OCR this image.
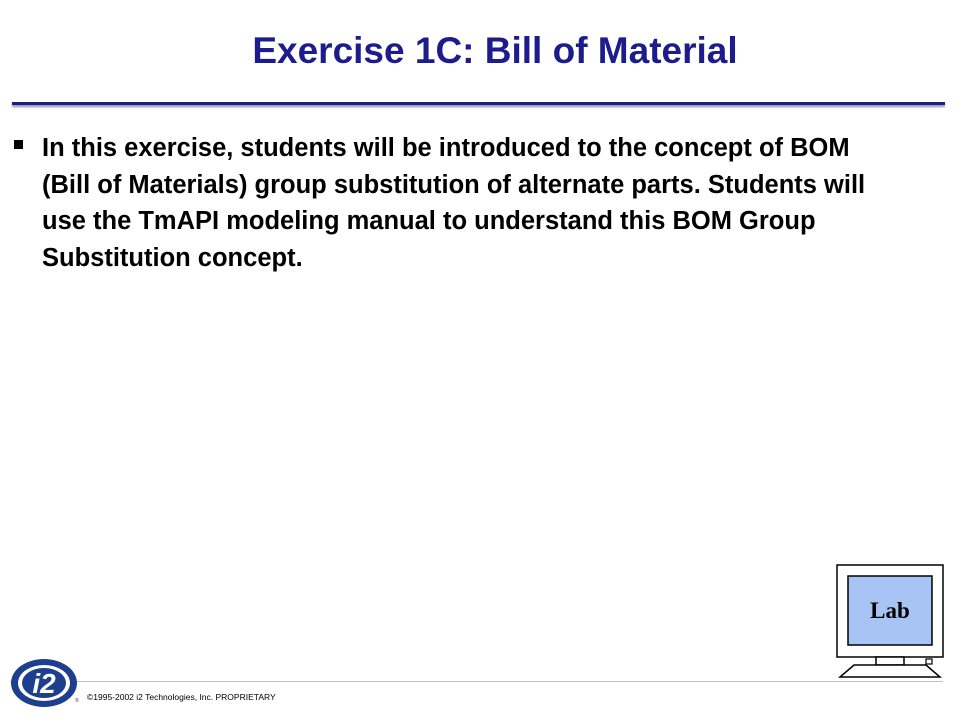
Exercise 1C: Bill of Material
In this exercise, students will be introduced to the concept of BOM (Bill of Materials) group substitution of alternate parts. Students will use the TmAPI modeling manual to understand this BOM Group Substitution concept.
Lab
i2
® ©1995-2002 i2 Technologies, Inc. PROPRIETARY
